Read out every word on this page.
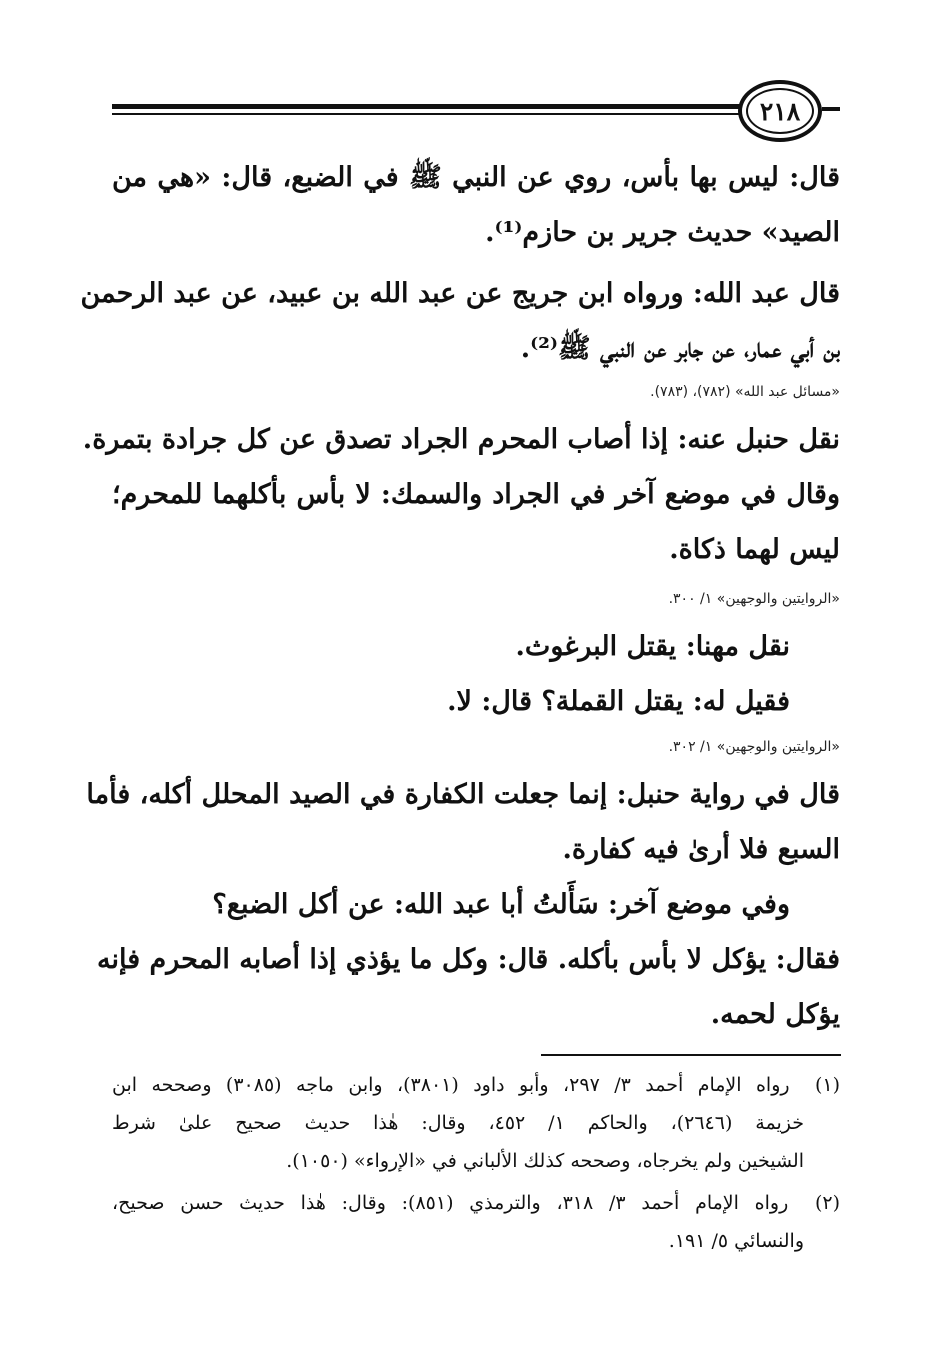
٢١٨
قال: ليس بها بأس، روي عن النبي ﷺ في الضبع، قال: «هي من
الصيد» حديث جرير بن حازم⁽¹⁾.
قال عبد الله: ورواه ابن جريج عن عبد الله بن عبيد، عن عبد الرحمن
بن أبي عمار، عن جابر عن النبي ﷺ⁽²⁾.
«مسائل عبد الله» (٧٨٢)، (٧٨٣).
نقل حنبل عنه: إذا أصاب المحرم الجراد تصدق عن كل جرادة بتمرة.
وقال في موضع آخر في الجراد والسمك: لا بأس بأكلهما للمحرم؛
ليس لهما ذكاة.
«الروايتين والوجهين» ١/ ٣٠٠.
نقل مهنا: يقتل البرغوث.
فقيل له: يقتل القملة؟ قال: لا.
«الروايتين والوجهين» ١/ ٣٠٢.
قال في رواية حنبل: إنما جعلت الكفارة في الصيد المحلل أكله، فأما
السبع فلا أرىٰ فيه كفارة.
وفي موضع آخر: سَأَلتُ أبا عبد الله: عن أكل الضبع؟
فقال: يؤكل لا بأس بأكله. قال: وكل ما يؤذي إذا أصابه المحرم فإنه
يؤكل لحمه.
(١) رواه الإمام أحمد ٣/ ٢٩٧، وأبو داود (٣٨٠١)، وابن ماجه (٣٠٨٥) وصححه ابن
خزيمة (٢٦٤٦)، والحاكم ١/ ٤٥٢، وقال: هٰذا حديث صحيح علىٰ شرط
الشيخين ولم يخرجاه، وصححه كذلك الألباني في «الإرواء» (١٠٥٠).
(٢) رواه الإمام أحمد ٣/ ٣١٨، والترمذي (٨٥١): وقال: هٰذا حديث حسن صحيح،
والنسائي ٥/ ١٩١.
